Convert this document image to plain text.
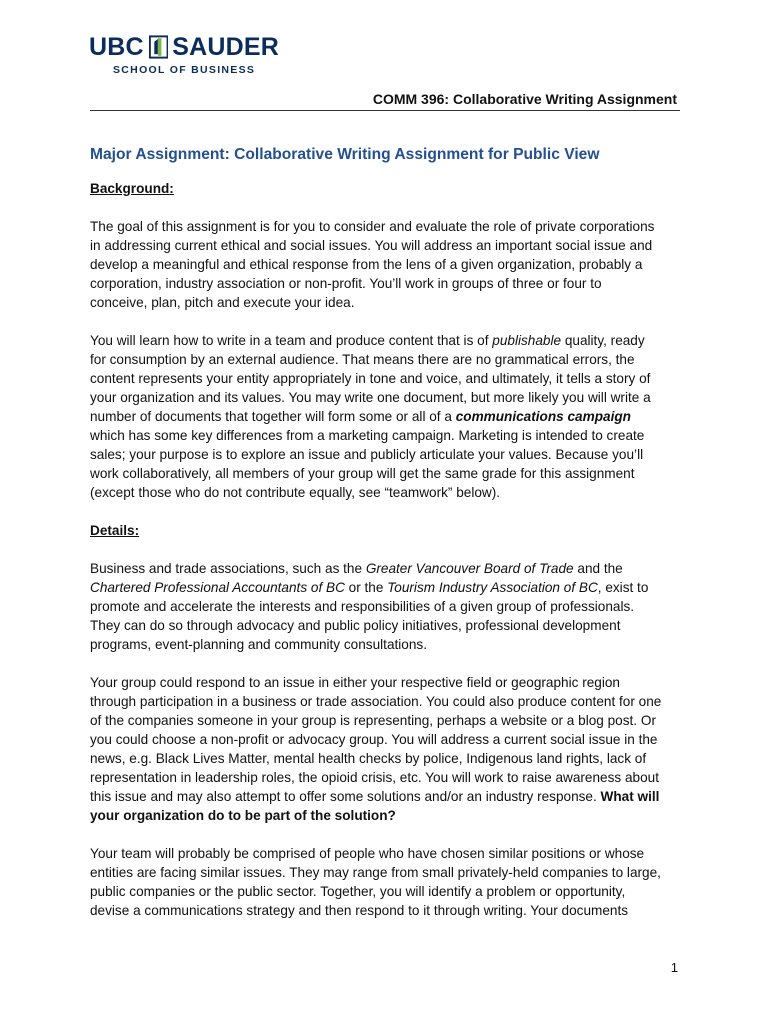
UBC SAUDER
SCHOOL OF BUSINESS
COMM 396: Collaborative Writing Assignment
Major Assignment: Collaborative Writing Assignment for Public View
Background:
The goal of this assignment is for you to consider and evaluate the role of private corporations
in addressing current ethical and social issues. You will address an important social issue and
develop a meaningful and ethical response from the lens of a given organization, probably a
corporation, industry association or non-profit. You’ll work in groups of three or four to
conceive, plan, pitch and execute your idea.
You will learn how to write in a team and produce content that is of publishable quality, ready
for consumption by an external audience. That means there are no grammatical errors, the
content represents your entity appropriately in tone and voice, and ultimately, it tells a story of
your organization and its values. You may write one document, but more likely you will write a
number of documents that together will form some or all of a communications campaign
which has some key differences from a marketing campaign. Marketing is intended to create
sales; your purpose is to explore an issue and publicly articulate your values. Because you’ll
work collaboratively, all members of your group will get the same grade for this assignment
(except those who do not contribute equally, see “teamwork” below).
Details:
Business and trade associations, such as the Greater Vancouver Board of Trade and the
Chartered Professional Accountants of BC or the Tourism Industry Association of BC, exist to
promote and accelerate the interests and responsibilities of a given group of professionals.
They can do so through advocacy and public policy initiatives, professional development
programs, event-planning and community consultations.
Your group could respond to an issue in either your respective field or geographic region
through participation in a business or trade association. You could also produce content for one
of the companies someone in your group is representing, perhaps a website or a blog post. Or
you could choose a non-profit or advocacy group. You will address a current social issue in the
news, e.g. Black Lives Matter, mental health checks by police, Indigenous land rights, lack of
representation in leadership roles, the opioid crisis, etc. You will work to raise awareness about
this issue and may also attempt to offer some solutions and/or an industry response. What will
your organization do to be part of the solution?
Your team will probably be comprised of people who have chosen similar positions or whose
entities are facing similar issues. They may range from small privately-held companies to large,
public companies or the public sector. Together, you will identify a problem or opportunity,
devise a communications strategy and then respond to it through writing. Your documents
1
